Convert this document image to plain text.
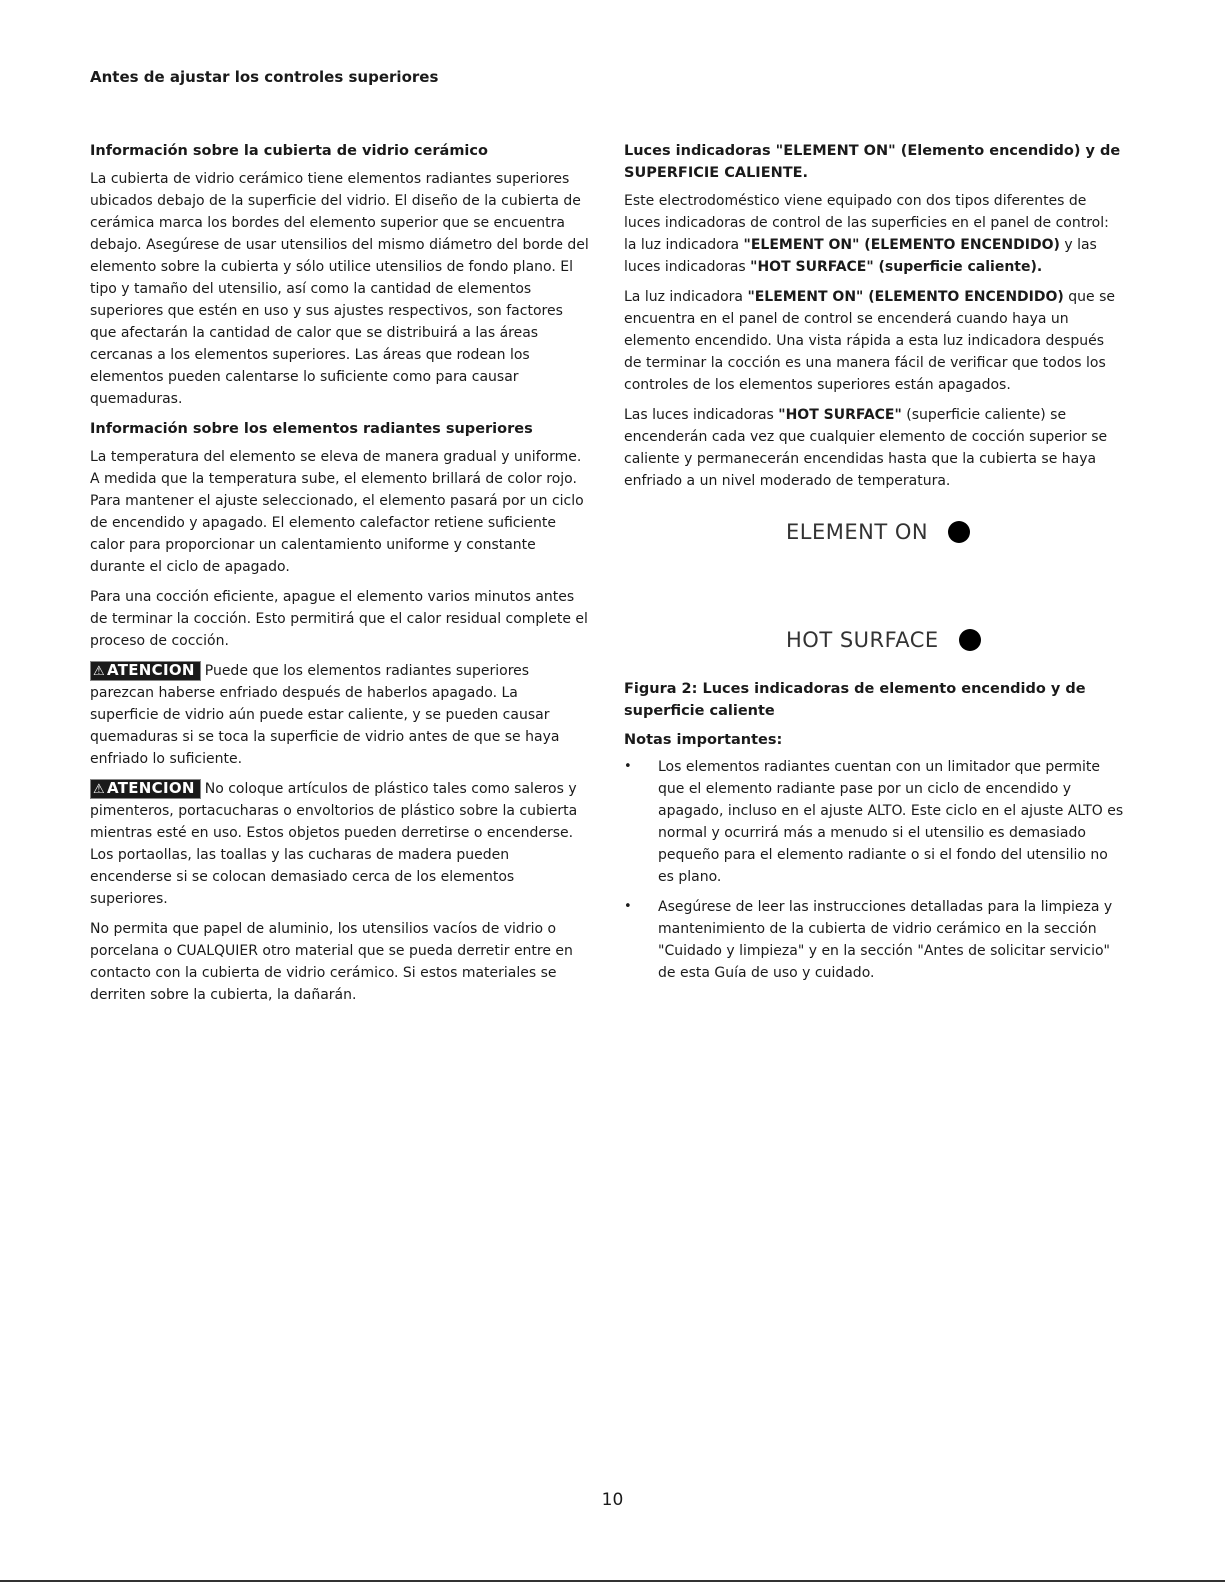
Antes de ajustar los controles superiores
Información sobre la cubierta de vidrio cerámico

La cubierta de vidrio cerámico tiene elementos radiantes superiores ubicados debajo de la superficie del vidrio. El diseño de la cubierta de cerámica marca los bordes del elemento superior que se encuentra debajo. Asegúrese de usar utensilios del mismo diámetro del borde del elemento sobre la cubierta y sólo utilice utensilios de fondo plano. El tipo y tamaño del utensilio, así como la cantidad de elementos superiores que estén en uso y sus ajustes respectivos, son factores que afectarán la cantidad de calor que se distribuirá a las áreas cercanas a los elementos superiores. Las áreas que rodean los elementos pueden calentarse lo suficiente como para causar quemaduras.

Información sobre los elementos radiantes superiores

La temperatura del elemento se eleva de manera gradual y uniforme. A medida que la temperatura sube, el elemento brillará de color rojo. Para mantener el ajuste seleccionado, el elemento pasará por un ciclo de encendido y apagado. El elemento calefactor retiene suficiente calor para proporcionar un calentamiento uniforme y constante durante el ciclo de apagado.

Para una cocción eficiente, apague el elemento varios minutos antes de terminar la cocción. Esto permitirá que el calor residual complete el proceso de cocción.

⚠ ATENCION Puede que los elementos radiantes superiores parezcan haberse enfriado después de haberlos apagado. La superficie de vidrio aún puede estar caliente, y se pueden causar quemaduras si se toca la superficie de vidrio antes de que se haya enfriado lo suficiente.

⚠ ATENCION No coloque artículos de plástico tales como saleros y pimenteros, portacucharas o envoltorios de plástico sobre la cubierta mientras esté en uso. Estos objetos pueden derretirse o encenderse. Los portaollas, las toallas y las cucharas de madera pueden encenderse si se colocan demasiado cerca de los elementos superiores.

No permita que papel de aluminio, los utensilios vacíos de vidrio o porcelana o CUALQUIER otro material que se pueda derretir entre en contacto con la cubierta de vidrio cerámico. Si estos materiales se derriten sobre la cubierta, la dañarán.

Luces indicadoras "ELEMENT ON" (Elemento encendido) y de SUPERFICIE CALIENTE.

Este electrodoméstico viene equipado con dos tipos diferentes de luces indicadoras de control de las superficies en el panel de control: la luz indicadora "ELEMENT ON" (ELEMENTO ENCENDIDO) y las luces indicadoras "HOT SURFACE" (superficie caliente).

La luz indicadora "ELEMENT ON" (ELEMENTO ENCENDIDO) que se encuentra en el panel de control se encenderá cuando haya un elemento encendido. Una vista rápida a esta luz indicadora después de terminar la cocción es una manera fácil de verificar que todos los controles de los elementos superiores están apagados.

Las luces indicadoras "HOT SURFACE" (superficie caliente) se encenderán cada vez que cualquier elemento de cocción superior se caliente y permanecerán encendidas hasta que la cubierta se haya enfriado a un nivel moderado de temperatura.

ELEMENT ON
HOT SURFACE
Figura 2: Luces indicadoras de elemento encendido y de superficie caliente
Notas importantes:
• Los elementos radiantes cuentan con un limitador que permite que el elemento radiante pase por un ciclo de encendido y apagado, incluso en el ajuste ALTO. Este ciclo en el ajuste ALTO es normal y ocurrirá más a menudo si el utensilio es demasiado pequeño para el elemento radiante o si el fondo del utensilio no es plano.
• Asegúrese de leer las instrucciones detalladas para la limpieza y mantenimiento de la cubierta de vidrio cerámico en la sección "Cuidado y limpieza" y en la sección "Antes de solicitar servicio" de esta Guía de uso y cuidado.
10
